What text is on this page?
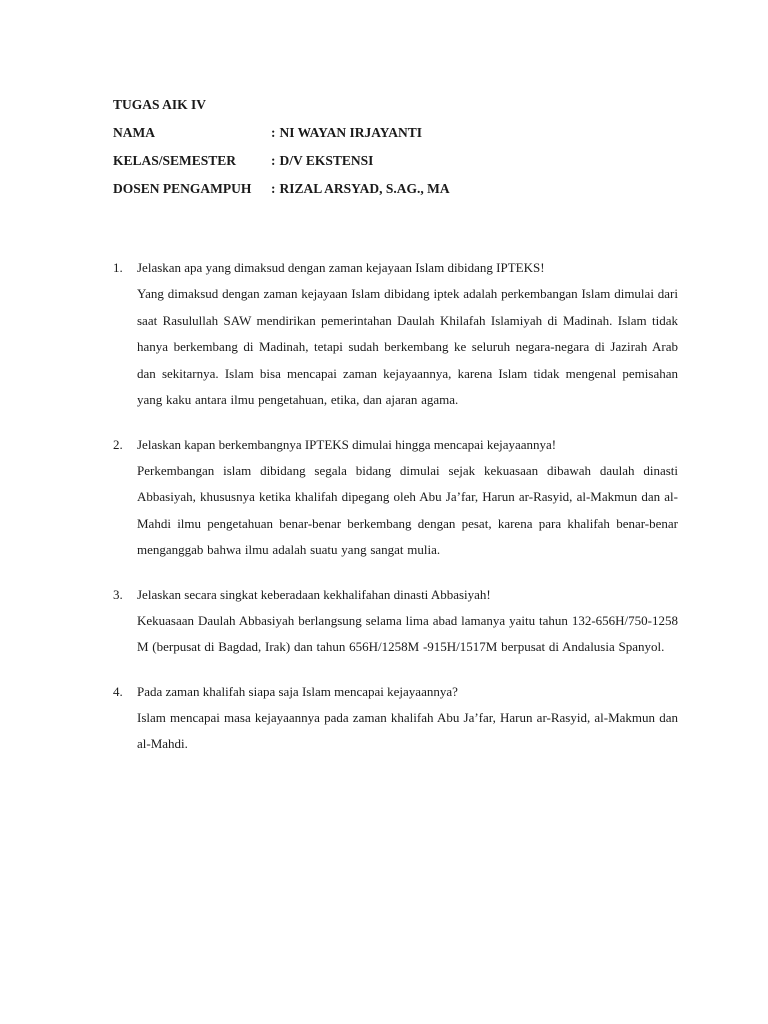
TUGAS AIK IV
NAMA	: NI WAYAN IRJAYANTI
KELAS/SEMESTER	: D/V EKSTENSI
DOSEN PENGAMPUH	: RIZAL ARSYAD, S.AG., MA
1. Jelaskan apa yang dimaksud dengan zaman kejayaan Islam dibidang IPTEKS!
Yang dimaksud dengan zaman kejayaan Islam dibidang iptek adalah perkembangan Islam dimulai dari saat Rasulullah SAW mendirikan pemerintahan Daulah Khilafah Islamiyah di Madinah. Islam tidak hanya berkembang di Madinah, tetapi sudah berkembang ke seluruh negara-negara di Jazirah Arab dan sekitarnya. Islam bisa mencapai zaman kejayaannya, karena Islam tidak mengenal pemisahan yang kaku antara ilmu pengetahuan, etika, dan ajaran agama.
2. Jelaskan kapan berkembangnya IPTEKS dimulai hingga mencapai kejayaannya!
Perkembangan islam dibidang segala bidang dimulai sejak kekuasaan dibawah daulah dinasti Abbasiyah, khususnya ketika khalifah dipegang oleh Abu Ja’far, Harun ar-Rasyid, al-Makmun dan al-Mahdi ilmu pengetahuan benar-benar berkembang dengan pesat, karena para khalifah benar-benar menganggab bahwa ilmu adalah suatu yang sangat mulia.
3. Jelaskan secara singkat keberadaan kekhalifahan dinasti Abbasiyah!
Kekuasaan Daulah Abbasiyah berlangsung selama lima abad lamanya yaitu tahun 132-656H/750-1258 M (berpusat di Bagdad, Irak) dan tahun 656H/1258M -915H/1517M berpusat di Andalusia Spanyol.
4. Pada zaman khalifah siapa saja Islam mencapai kejayaannya?
Islam mencapai masa kejayaannya pada zaman khalifah Abu Ja’far, Harun ar-Rasyid, al-Makmun dan al-Mahdi.
